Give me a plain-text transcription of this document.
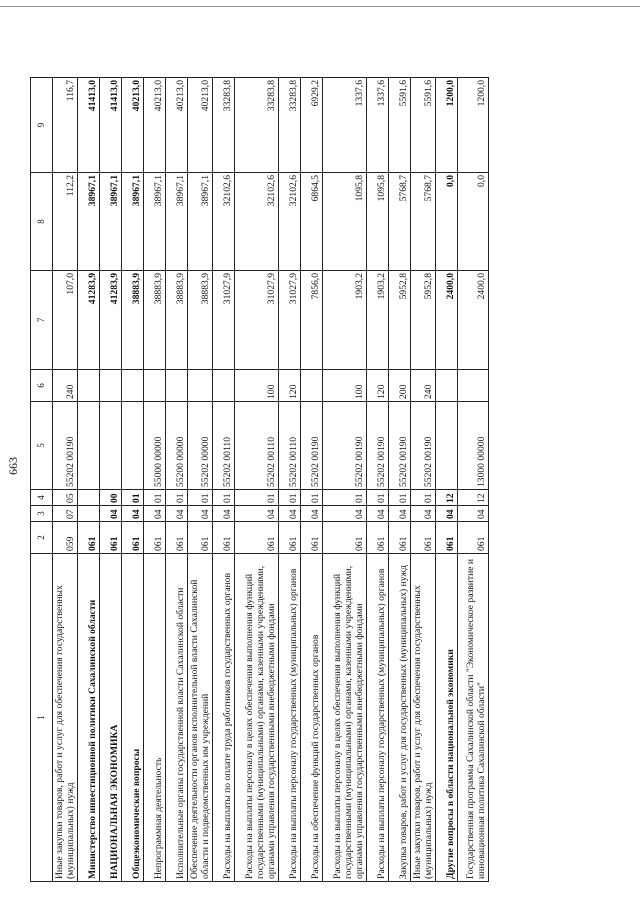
663
1	2	3	4	5	6	7	8	9
Иные закупки товаров, работ и услуг для обеспечения государственных (муниципальных) нужд	059	07	05	55202 00190	240	107,0	112,2	116,7
Министерство инвестиционной политики Сахалинской области	061					41283,9	38967,1	41413,0
НАЦИОНАЛЬНАЯ ЭКОНОМИКА	061	04	00			41283,9	38967,1	41413,0
Общеэкономические вопросы	061	04	01			38883,9	38967,1	40213,0
Непрограммная деятельность	061	04	01	55000 00000		38883,9	38967,1	40213,0
Исполнительные органы государственной власти Сахалинской области	061	04	01	55200 00000		38883,9	38967,1	40213,0
Обеспечение деятельности органов исполнительной власти Сахалинской области и подведомственных им учреждений	061	04	01	55202 00000		38883,9	38967,1	40213,0
Расходы на выплаты по оплате труда работников государственных органов	061	04	01	55202 00110		31027,9	32102,6	33283,8
Расходы на выплаты персоналу в целях обеспечения выполнения функций государственными (муниципальными) органами, казенными учреждениями, органами управления государственными внебюджетными фондами	061	04	01	55202 00110	100	31027,9	32102,6	33283,8
Расходы на выплаты персоналу государственных (муниципальных) органов	061	04	01	55202 00110	120	31027,9	32102,6	33283,8
Расходы на обеспечение функций государственных органов	061	04	01	55202 00190		7856,0	6864,5	6929,2
Расходы на выплаты персоналу в целях обеспечения выполнения функций государственными (муниципальными) органами, казенными учреждениями, органами управления государственными внебюджетными фондами	061	04	01	55202 00190	100	1903,2	1095,8	1337,6
Расходы на выплаты персоналу государственных (муниципальных) органов	061	04	01	55202 00190	120	1903,2	1095,8	1337,6
Закупка товаров, работ и услуг для государственных (муниципальных) нужд	061	04	01	55202 00190	200	5952,8	5768,7	5591,6
Иные закупки товаров, работ и услуг для обеспечения государственных (муниципальных) нужд	061	04	01	55202 00190	240	5952,8	5768,7	5591,6
Другие вопросы в области национальной экономики	061	04	12			2400,0	0,0	1200,0
Государственная программа Сахалинской области "Экономическое развитие и инновационная политика Сахалинской области"	061	04	12	13000 00000		2400,0	0,0	1200,0
